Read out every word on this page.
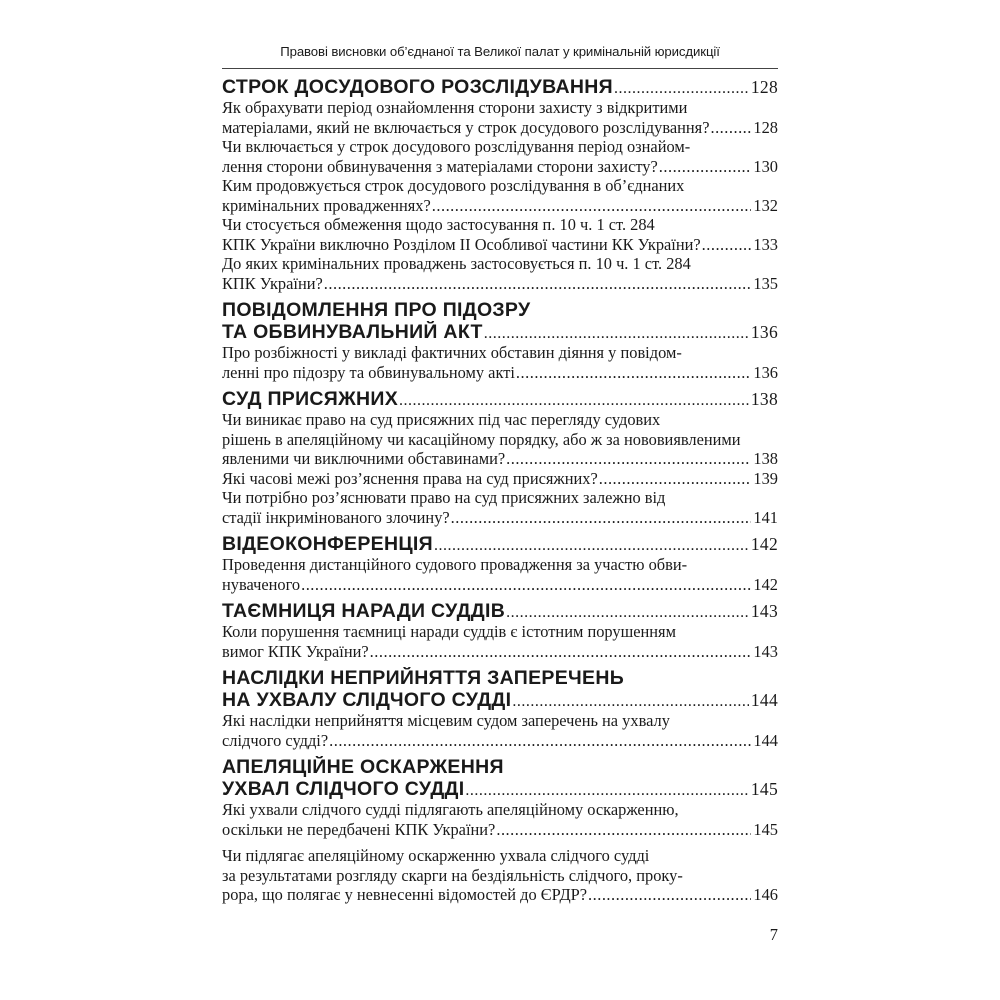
Правові висновки об’єднаної та Великої палат у кримінальній юрисдикції
СТРОК ДОСУДОВОГО РОЗСЛІДУВАННЯ .....	128
Як обрахувати період ознайомлення сторони захисту з відкритими
матеріалами, який не включається у строк досудового розслідування? .....	128
Чи включається у строк досудового розслідування період ознайом-
лення сторони обвинувачення з матеріалами сторони захисту? .....	130
Ким продовжується строк досудового розслідування в об’єднаних
кримінальних провадженнях? .....	132
Чи стосується обмеження щодо застосування п. 10 ч. 1 ст. 284
КПК України виключно Розділом ІІ Особливої частини КК України? .....	133
До яких кримінальних проваджень застосовується п. 10 ч. 1 ст. 284
КПК України? .....	135
ПОВІДОМЛЕННЯ ПРО ПІДОЗРУ
ТА ОБВИНУВАЛЬНИЙ АКТ .....	136
Про розбіжності у викладі фактичних обставин діяння у повідом-
ленні про підозру та обвинувальному акті .....	136
СУД ПРИСЯЖНИХ .....	138
Чи виникає право на суд присяжних під час перегляду судових
рішень в апеляційному чи касаційному порядку, або ж за нововиявленими
явленими чи виключними обставинами? .....	138
Які часові межі роз’яснення права на суд присяжних? .....	139
Чи потрібно роз’яснювати право на суд присяжних залежно від
стадії інкримінованого злочину? .....	141
ВІДЕОКОНФЕРЕНЦІЯ .....	142
Проведення дистанційного судового провадження за участю обви-
нуваченого .....	142
ТАЄМНИЦЯ НАРАДИ СУДДІВ .....	143
Коли порушення таємниці наради суддів є істотним порушенням
вимог КПК України? .....	143
НАСЛІДКИ НЕПРИЙНЯТТЯ ЗАПЕРЕЧЕНЬ
НА УХВАЛУ СЛІДЧОГО СУДДІ .....	144
Які наслідки неприйняття місцевим судом заперечень на ухвалу
слідчого судді? .....	144
АПЕЛЯЦІЙНЕ ОСКАРЖЕННЯ
УХВАЛ СЛІДЧОГО СУДДІ .....	145
Які ухвали слідчого судді підлягають апеляційному оскарженню,
оскільки не передбачені КПК України? .....	145
Чи підлягає апеляційному оскарженню ухвала слідчого судді
за результатами розгляду скарги на бездіяльність слідчого, проку-
рора, що полягає у невнесенні відомостей до ЄРДР? .....	146
7
